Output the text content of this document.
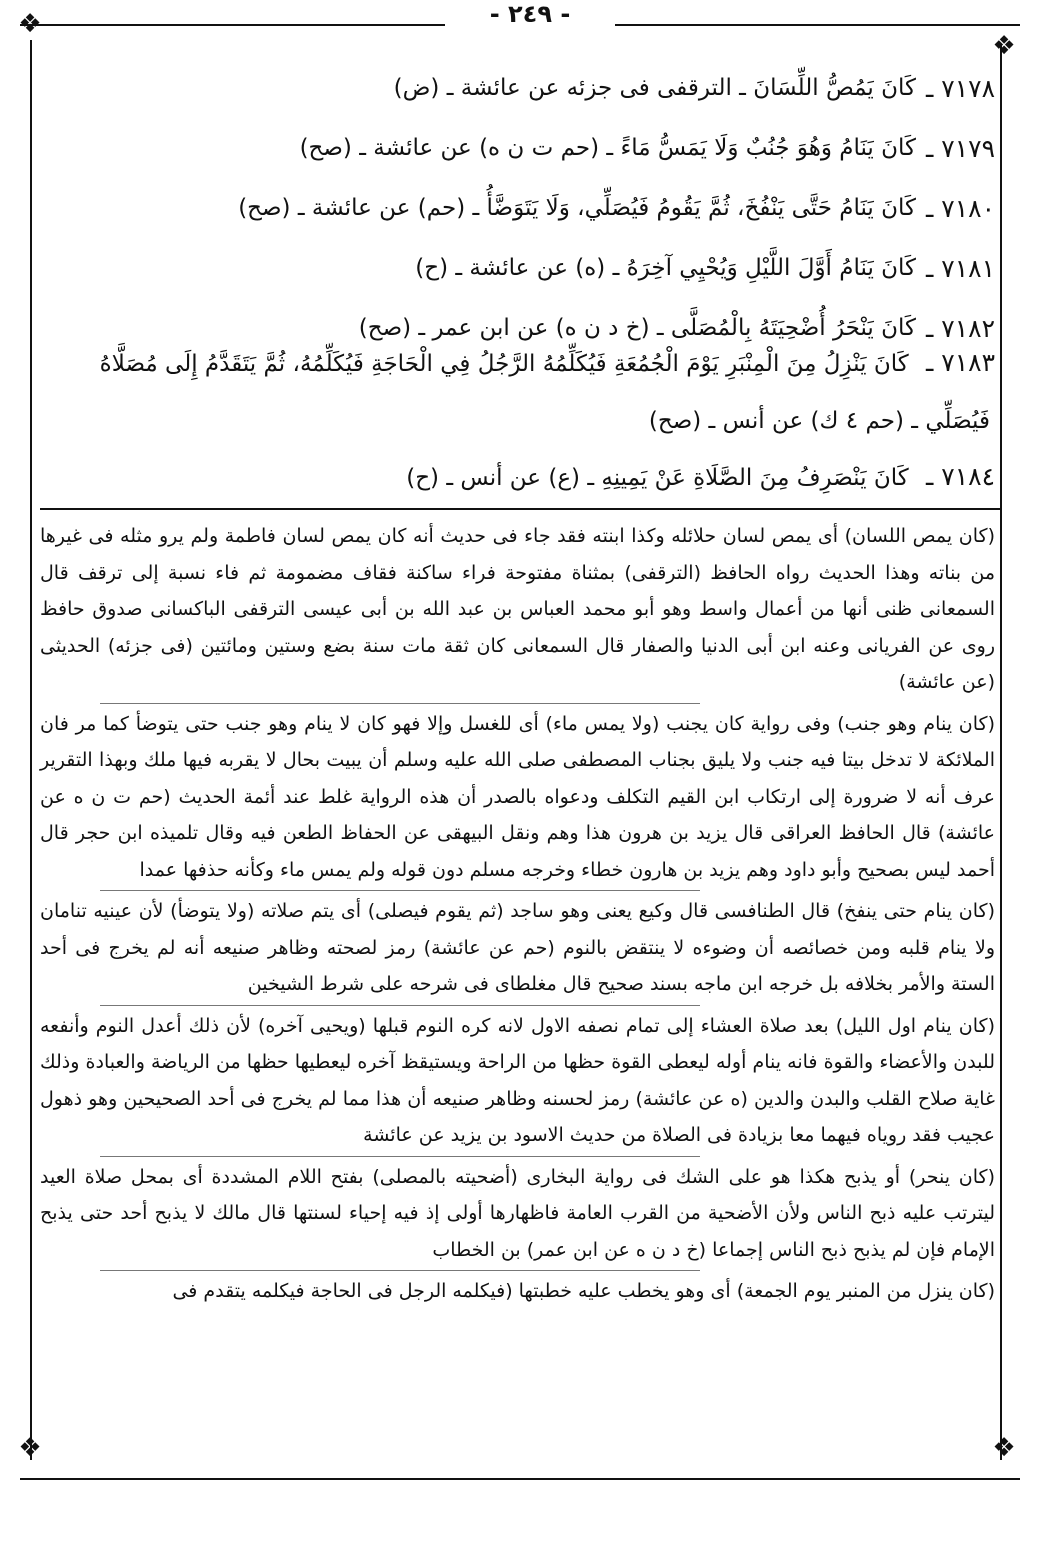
❖
❖
❖	❖
- ٢٤٩ -
٧١٧٨ ـ
كَانَ يَمُصُّ اللِّسَانَ ـ الترقفى فى جزئه عن عائشة ـ (ض)
٧١٧٩ ـ
كَانَ يَنَامُ وَهُوَ جُنُبٌ وَلَا يَمَسُّ مَاءً ـ (حم ت ن ه) عن عائشة ـ (صح)
٧١٨٠ ـ
كَانَ يَنَامُ حَتَّى يَنْفُخَ، ثُمَّ يَقُومُ فَيُصَلِّي، وَلَا يَتَوَضَّأُ ـ (حم) عن عائشة ـ (صح)
٧١٨١ ـ
كَانَ يَنَامُ أَوَّلَ اللَّيْلِ وَيُحْيِي آخِرَهُ ـ (ه) عن عائشة ـ (ح)
٧١٨٢ ـ
كَانَ يَنْحَرُ أُضْحِيَتَهُ بِالْمُصَلَّى ـ (خ د ن ه) عن ابن عمر ـ (صح)
٧١٨٣ ـ كَانَ يَنْزِلُ مِنَ الْمِنْبَرِ يَوْمَ الْجُمُعَةِ فَيُكَلِّمُهُ الرَّجُلُ فِي الْحَاجَةِ فَيُكَلِّمُهُ، ثُمَّ يَتَقَدَّمُ إِلَى مُصَلَّاهُ
فَيُصَلِّي ـ (حم ٤ ك) عن أنس ـ (صح)
٧١٨٤ ـ كَانَ يَنْصَرِفُ مِنَ الصَّلَاةِ عَنْ يَمِينِهِ ـ (ع) عن أنس ـ (ح)
(كان يمص اللسان) أى يمص لسان حلائله وكذا ابنته فقد جاء فى حديث أنه كان يمص لسان فاطمة ولم يرو مثله فى غيرها من بناته وهذا الحديث رواه الحافظ (الترقفى) بمثناة مفتوحة فراء ساكنة فقاف مضمومة ثم فاء نسبة إلى ترقف قال السمعانى ظنى أنها من أعمال واسط وهو أبو محمد العباس بن عبد الله بن أبى عيسى الترقفى الباكسانى صدوق حافظ روى عن الفريانى وعنه ابن أبى الدنيا والصفار قال السمعانى كان ثقة مات سنة بضع وستين ومائتين (فى جزئه) الحديثى (عن عائشة)
(كان ينام وهو جنب) وفى رواية كان يجنب (ولا يمس ماء) أى للغسل وإلا فهو كان لا ينام وهو جنب حتى يتوضأ كما مر فان الملائكة لا تدخل بيتا فيه جنب ولا يليق بجناب المصطفى صلى الله عليه وسلم أن يبيت بحال لا يقربه فيها ملك وبهذا التقرير عرف أنه لا ضرورة إلى ارتكاب ابن القيم التكلف ودعواه بالصدر أن هذه الرواية غلط عند أئمة الحديث (حم ت ن ه عن عائشة) قال الحافظ العراقى قال يزيد بن هرون هذا وهم ونقل البيهقى عن الحفاظ الطعن فيه وقال تلميذه ابن حجر قال أحمد ليس بصحيح وأبو داود وهم يزيد بن هارون خطاء وخرجه مسلم دون قوله ولم يمس ماء وكأنه حذفها عمدا
(كان ينام حتى ينفخ) قال الطنافسى قال وكيع يعنى وهو ساجد (ثم يقوم فيصلى) أى يتم صلاته (ولا يتوضأ) لأن عينيه تنامان ولا ينام قلبه ومن خصائصه أن وضوءه لا ينتقض بالنوم (حم عن عائشة) رمز لصحته وظاهر صنيعه أنه لم يخرج فى أحد الستة والأمر بخلافه بل خرجه ابن ماجه بسند صحيح قال مغلطاى فى شرحه على شرط الشيخين
(كان ينام اول الليل) بعد صلاة العشاء إلى تمام نصفه الاول لانه كره النوم قبلها (ويحيى آخره) لأن ذلك أعدل النوم وأنفعه للبدن والأعضاء والقوة فانه ينام أوله ليعطى القوة حظها من الراحة ويستيقظ آخره ليعطيها حظها من الرياضة والعبادة وذلك غاية صلاح القلب والبدن والدين (ه عن عائشة) رمز لحسنه وظاهر صنيعه أن هذا مما لم يخرج فى أحد الصحيحين وهو ذهول عجيب فقد روياه فيهما معا بزيادة فى الصلاة من حديث الاسود بن يزيد عن عائشة
(كان ينحر) أو يذبح هكذا هو على الشك فى رواية البخارى (أضحيته بالمصلى) بفتح اللام المشددة أى بمحل صلاة العيد ليترتب عليه ذبح الناس ولأن الأضحية من القرب العامة فاظهارها أولى إذ فيه إحياء لسنتها قال مالك لا يذبح أحد حتى يذبح الإمام فإن لم يذبح ذبح الناس إجماعا (خ د ن ه عن ابن عمر) بن الخطاب
(كان ينزل من المنبر يوم الجمعة) أى وهو يخطب عليه خطبتها (فيكلمه الرجل فى الحاجة فيكلمه يتقدم فى
